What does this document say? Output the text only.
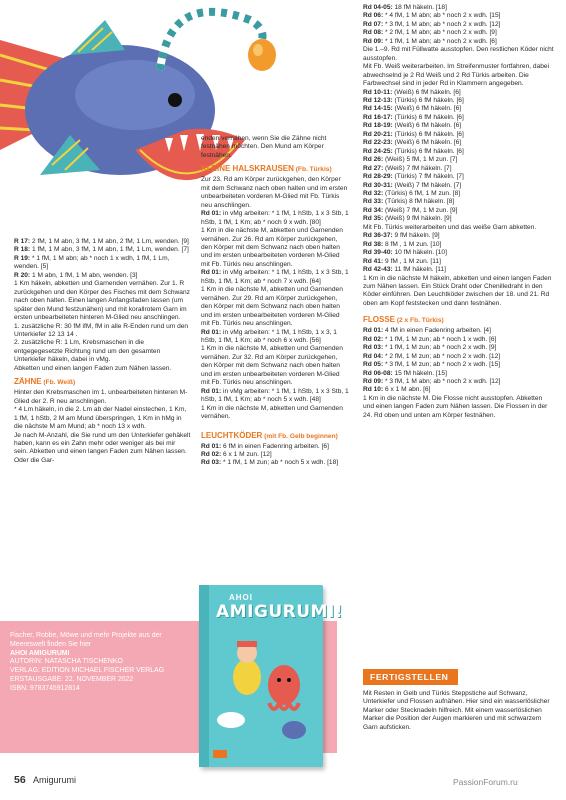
R 17: 2 fM, 1 M abn, 3 fM, 1 M abn, 2 fM, 1 Lm, wenden. [9]

R 18: 1 fM, 1 M abn, 3 fM, 1 M abn, 1 fM, 1 Lm, wenden. [7]

R 19: * 1 fM, 1 M abn; ab * noch 1 x wdh, 1 fM, 1 Lm, wenden. [5]

R 20: 1 M abn, 1 fM, 1 M abn, wenden. [3]

1 Km häkeln, abketten und Garnenden vernähen. Zur 1. R zurückgehen und den Körper des Fisches mit dem Schwanz nach oben halten. Einen langen Anfangsfaden lassen (um später den Mund festzunähen) und mit korallrotem Garn im ersten unbearbeiteten hinteren M-Glied neu anschlingen.

1. zusätzliche R: 30 fM ifM, fM in alle R-Enden rund um den Unterkiefer 12 13 14 .

2. zusätzliche R: 1 Lm, Krebsmaschen in die entgegegesetzte Richtung rund um den gesamten Unterkiefer häkeln, dabei in vMg.

Abketten und einen langen Faden zum Nähen lassen.

ZÄHNE (Fb. Weiß)

Hinter den Krebsmaschen im 1. unbearbeiteten hinteren M-Glied der 2. R neu anschlingen.

* 4 Lm häkeln, in die 2. Lm ab der Nadel einstechen, 1 Km, 1 fM, 1 hStb, 2 M am Mund überspringen, 1 Km in hMg in die nächste M am Mund; ab * noch 13 x wdh.

Je nach M-Anzahl, die Sie rund um den Unterkiefer gehäkelt haben, kann es ein Zahn mehr oder weniger als bei mir sein. Abketten und einen langen Faden zum Nähen lassen. Oder die Gar-

enden vernähen, wenn Sie die Zähne nicht festnähen möchten. Den Mund am Körper festnähen.

KLEINE HALSKRAUSEN (Fb. Türkis)

Zur 23. Rd am Körper zurückgehen, den Körper mit dem Schwanz nach oben halten und im ersten unbearbeiteten vorderen M-Glied mit Fb. Türkis neu anschlingen.

Rd 01: in vMg arbeiten: * 1 fM, 1 hStb, 1 x 3 Stb, 1 hStb, 1 fM, 1 Km; ab * noch 9 x wdh. [80]

1 Km in die nächste M, abketten und Garnenden vernähen. Zur 26. Rd am Körper zurückgehen, den Körper mit dem Schwanz nach oben halten und im ersten unbearbeiteten vorderen M-Glied mit Fb. Türkis neu anschlingen.

Rd 01: in vMg arbeiten: * 1 fM, 1 hStb, 1 x 3 Stb, 1 hStb, 1 fM, 1 Km; ab * noch 7 x wdh. [64]

1 Km in die nächste M, abketten und Garnenden vernähen. Zur 29. Rd am Körper zurückgehen, den Körper mit dem Schwanz nach oben halten und im ersten unbearbeiteten vorderen M-Glied mit Fb. Türkis neu anschlingen.

Rd 01: in vMg arbeiten: * 1 fM, 1 hStb, 1 x 3, 1 hStb, 1 fM, 1 Km; ab * noch 6 x wdh. [56]

1 Km in die nächste M, abketten und Garnenden vernähen. Zur 32. Rd am Körper zurückgehen, den Körper mit dem Schwanz nach oben halten und im ersten unbearbeiteten vorderen M-Glied mit Fb. Türkis neu anschlingen.

Rd 01: in vMg arbeiten: * 1 fM, 1 hStb, 1 x 3 Stb, 1 hStb, 1 fM, 1 Km; ab * noch 5 x wdh. [48]

1 Km in die nächste M, abketten und Garnenden vernähen.

LEUCHTKÖDER (mit Fb. Gelb beginnen)

Rd 01: 6 fM in einen Fadenring arbeiten. [6]

Rd 02: 6 x 1 M zun. [12]

Rd 03: * 1 fM, 1 M zun; ab * noch 5 x wdh. [18]

Rd 04-05: 18 fM häkeln. [18]

Rd 06: * 4 fM, 1 M abn; ab * noch 2 x wdh. [15]

Rd 07: * 3 fM, 1 M abn; ab * noch 2 x wdh. [12]

Rd 08: * 2 fM, 1 M abn; ab * noch 2 x wdh. [9]

Rd 09: * 1 fM, 1 M abn; ab * noch 2 x wdh. [6]

Die 1.–9. Rd mit Füllwatte ausstopfen. Den restlichen Köder nicht ausstopfen.

Mit Fb. Weiß weiterarbeiten. Im Streifenmuster fortfahren, dabei abwechselnd je 2 Rd Weiß und 2 Rd Türkis arbeiten. Die Farbwechsel sind in jeder Rd in Klammern angegeben.

Rd 10-11: (Weiß) 6 fM häkeln. [6]

Rd 12-13: (Türkis) 6 fM häkeln. [6]

Rd 14-15: (Weiß) 6 fM häkeln. [6]

Rd 16-17: (Türkis) 6 fM häkeln. [6]

Rd 18-19: (Weiß) 6 fM häkeln. [6]

Rd 20-21: (Türkis) 6 fM häkeln. [6]

Rd 22-23: (Weiß) 6 fM häkeln. [6]

Rd 24-25: (Türkis) 6 fM häkeln. [6]

Rd 26: (Weiß) 5 fM, 1 M zun. [7]

Rd 27: (Weiß) 7 fM häkeln. [7]

Rd 28-29: (Türkis) 7 fM häkeln. [7]

Rd 30-31: (Weiß) 7 fM häkeln. [7]

Rd 32: (Türkis) 6 fM, 1 M zun. [8]

Rd 33: (Türkis) 8 fM häkeln. [8]

Rd 34: (Weiß) 7 fM, 1 M zun. [9]

Rd 35: (Weiß) 9 fM häkeln. [9]

Mit Fb. Türkis weiterarbeiten und das weiße Garn abketten.

Rd 36-37: 9 fM häkeln. [9]

Rd 38: 8 fM , 1 M zun. [10]

Rd 39-40: 10 fM häkeln. [10]

Rd 41: 9 fM , 1 M zun. [11]

Rd 42-43: 11 fM häkeln. [11]

1 Km in die nächste M häkeln, abketten und einen langen Faden zum Nähen lassen. Ein Stück Draht oder Chenilledraht in den Köder einführen. Den Leuchtköder zwischen der 18. und 21. Rd oben am Kopf feststecken und dann festnähen.

FLOSSE (2 x Fb. Türkis)

Rd 01: 4 fM in einen Fadenring arbeiten. [4]

Rd 02: * 1 fM, 1 M zun; ab * noch 1 x wdh. [6]

Rd 03: * 1 fM, 1 M zun; ab * noch 2 x wdh. [9]

Rd 04: * 2 fM, 1 M zun; ab * noch 2 x wdh. [12]

Rd 05: * 3 fM, 1 M zun; ab * noch 2 x wdh. [15]

Rd 06-08: 15 fM häkeln. [15]

Rd 09: * 3 fM, 1 M abn; ab * noch 2 x wdh. [12]

Rd 10: 6 x 1 M abn. [6]

1 Km in die nächste M. Die Flosse nicht ausstopfen. Abketten und einen langen Faden zum Nähen lassen. Die Flossen in der 24. Rd oben und unten am Körper festnähen.

FERTIGSTELLEN
Mit Resten in Gelb und Türkis Steppstiche auf Schwanz, Unterkiefer und Flossen aufnähen. Hier sind ein wasserlöslicher Marker oder Stecknadeln hilfreich. Mit einem wasserlöslichen Marker die Position der Augen markieren und mit schwarzem Garn aufsticken.
Fischer, Robbe, Möwe und mehr Projekte aus der Meereswelt finden Sie hier
AHOI AMIGURUMI
AUTORIN: NATASCHA TISCHENKO
VERLAG: EDITION MICHAEL FISCHER VERLAG
ERSTAUSGABE: 22. NOVEMBER 2022
ISBN: 9783745912814
AHOI
AMIGURUMI!
56 Amigurumi	PassionForum.ru
